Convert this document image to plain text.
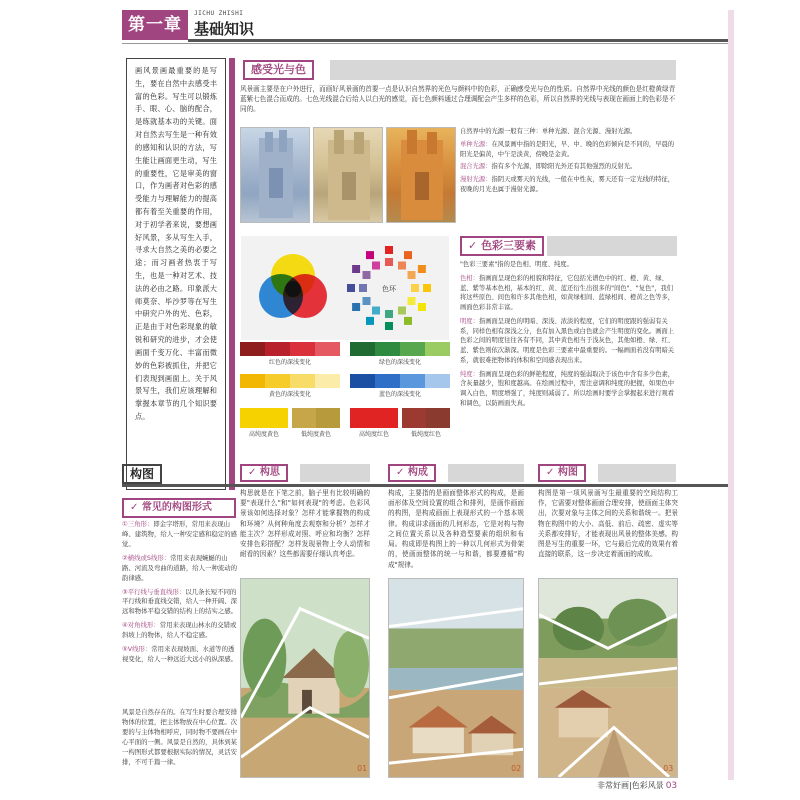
第一章
JICHU ZHISHI
基础知识
画风景画最重要的是写生，要在自然中去感受丰富的色彩。写生可以锻炼手、眼、心、脑的配合，是练就基本功的关键。面对自然去写生是一种有效的感知和认识的方法，写生能让画面更生动，写生的重要性，它是审美的窗口，作为画者对色彩的感受能力与理解能力的提高都有着至关重要的作用，对于初学者来说，要想画好风景，多从写生入手，寻求大自然之美的必要之途；而习画者热衷于写生，也是一种对艺术、技法的必由之路。印象派大师莫奈、毕沙罗等在写生中研究户外的光、色彩，正是由于对色彩现象的敏锐和研究的进步，才会使画面千变万化、丰富而微妙的色彩被抓住，并把它们表现到画面上。关于风景写生，我们应该理解和掌握本章节的几个知识要点。
感受光与色
风景画主要是在户外进行，而画好风景画的首要一点是认识自然界的光色与颜料中的色彩，正确感受光与色的性质。自然界中光线的颜色是红橙黄绿青蓝紫七色混合而成的。七色光线混合后给人以白光的感觉，而七色颜料通过合理调配会产生多样的色彩，所以自然界的光线与表现在画面上的色彩是不同的。

自然界中的光源一般有三种：单种光源、混合光源、漫射光源。

单种光源：在风景画中指的是阳光，早、中、晚的色彩倾向是不同的，早晨的阳光是偏黄，中午是淡黄，傍晚是金黄。

混合光源：指有多个光源，即除阳光外还有其他强烈的反射光。

漫射光源：指阴天或雾天的光线，一般在中性灰，雾天还有一定光线的特征，夜晚的月光也属于漫射光源。

色环
红色的深浅变化	绿色的深浅变化
黄色的深浅变化	蓝色的深浅变化
高纯度黄色	低纯度黄色	高纯度红色	低纯度红色
✓ 色彩三要素

"色彩三要素"指的是色相、明度、纯度。

色相：指画面呈现色彩的相貌和特征，它包括光谱色中的红、橙、黄、绿、蓝、紫等基本色相，基本的红、黄、蓝还衍生出很多的"间色"、"复色"，我们将这些原色、间色和许多其他色相，如黄绿相间、蓝绿相间、橙黄之色等多，画面色彩非常丰富。

明度：指画面呈现色的明暗、深浅、浓淡的程度，它们的明度跟的强弱有关系，同样色相有深浅之分，也有加入黑色或白色就会产生明度的变化。画面上色彩之间的明度往往各有不同，其中黄色相当于浅灰色，其他如橙、绿、红、蓝、紫色则依次渐深。明度是色彩三要素中最重要的。一幅画面若没有明暗关系，就很难把物体的体积和空间感表现出来。

纯度：指画面呈现色彩的鲜艳程度，纯度的强弱取决于该色中含有多少色素，含灰量越少，饱和度越高。在绘画过程中，需注意调和纯度的把握，如果色中调入白色，明度增强了，纯度则减弱了。所以绘画时要学会掌握起来进行观看和调色，以防画面失真。

构图
✓ 常见的构图形式

①三角形：即金字塔形，常用来表现山峰、建筑物，给人一种安定感和稳定的感觉。

②横线或S线形：常用来表现蜿蜒的山路、河流及弯曲的道路，给人一种流动的韵律感。

③平行线与垂直线形：以几条长短不同的平行线和垂直线交错，给人一种开阔、深远和物体平稳交错的结构上的结实之感。

④对角线形：常用来表现山林水的交错或斜坡上的物体，给人不稳定感。

⑤V线形：常用来表现坡面、水道等的透视变化，给人一种远近大远小的纵深感。

风景是自然存在的。在写生时要合理安排物体的位置，把主体物放在中心位置。次要的与主体物相呼应，同时物不要画在中心平面的一侧。风景是自然的，具体到某一构图形式都要根据实际的情况，灵活安排，不可千篇一律。
✓ 构思
构思就是在下笔之前，脑子里有比较明确的要"表现什么"和"如何表现"的考虑。色彩风景该如何选择对象？怎样才能掌握物的构成和环境？从何种角度去观察和分析？怎样才能主次？怎样形成对照、呼应和均衡？怎样安排色彩搭配？怎样发现景物上令人动情和耐看的因素？这些都需要仔细认真考虑。
✓ 构成
构成，主要指的是画面整体形式的构成，是画面形体及空间设置的组合和排列，是画作画面的构图，是构成画面上表现形式的一个基本规律。构成讲求画面的几何形态，它是对构与物之间位置关系以及各种造型要素的组织和布局。构成即是构图上的一种以几何形式为骨架的，使画面整体的统一与和谐，都要遵循"构成"规律。
✓ 构图
构图是第一项风景画写生最重要的空间结构工作，它需要对整体画面合理安排，使画面主体突出，次要对象与主体之间的关系和谐统一。把景物在构图中的大小、高低、前后、疏密、虚实等关系都安排好，才能表现出风景的整体美感。构图是写生的重要一环，它与最后完成的效果有着直接的联系，这一步决定着画面的成败。
01	02	03
非常好画|色彩风景 03
